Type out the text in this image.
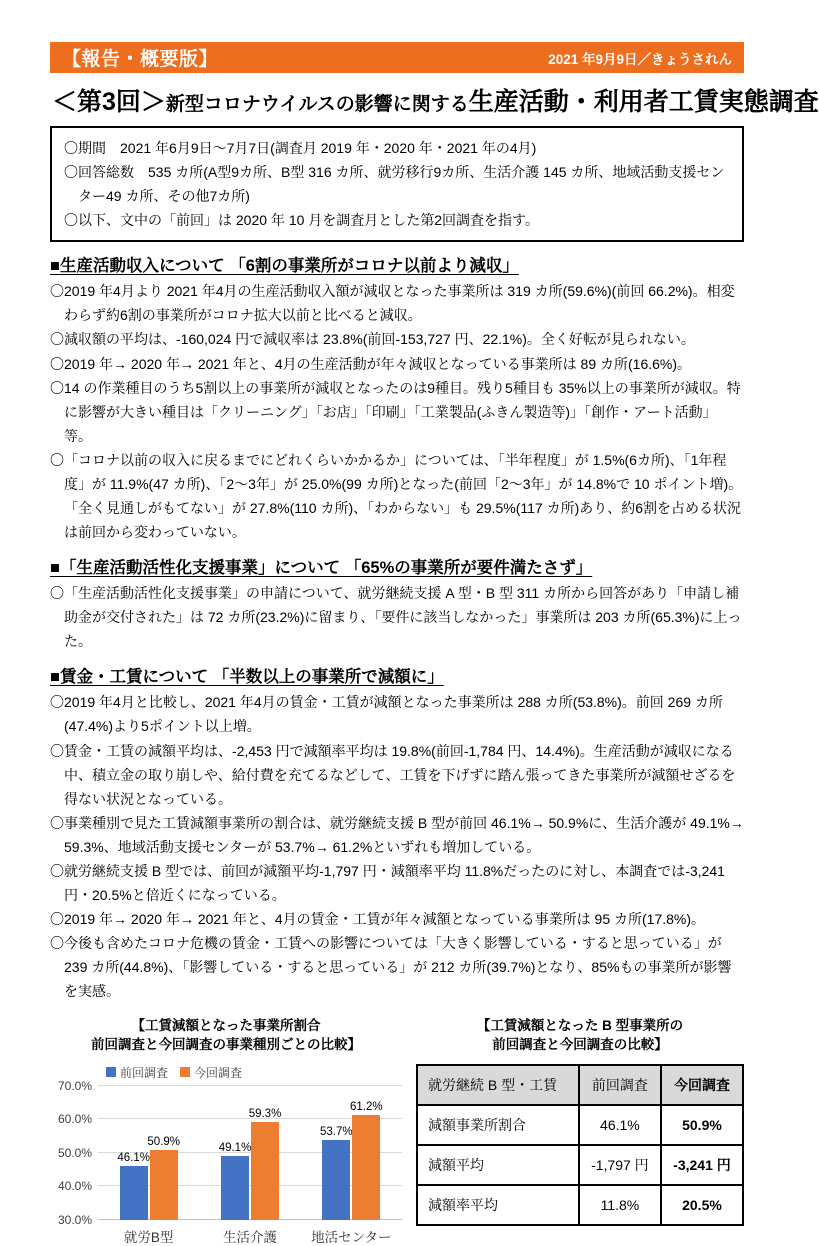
【報告・概要版】	2021 年9月9日／きょうされん
＜第3回＞ 新型コロナウイルスの影響に関する 生産活動・利用者工賃実態調査
〇期間　2021 年6月9日～7月7日(調査月 2019 年・2020 年・2021 年の4月)
〇回答総数　535 カ所(A型9カ所、B型 316 カ所、就労移行9カ所、生活介護 145 カ所、地域活動支援センター49 カ所、その他7カ所)
〇以下、文中の「前回」は 2020 年 10 月を調査月とした第2回調査を指す。
■生産活動収入について 「6割の事業所がコロナ以前より減収」
〇2019 年4月より 2021 年4月の生産活動収入額が減収となった事業所は 319 カ所(59.6%)(前回 66.2%)。相変わらず約6割の事業所がコロナ拡大以前と比べると減収。
〇減収額の平均は、-160,024 円で減収率は 23.8%(前回-153,727 円、22.1%)。全く好転が見られない。
〇2019 年→ 2020 年→ 2021 年と、4月の生産活動が年々減収となっている事業所は 89 カ所(16.6%)。
〇14 の作業種目のうち5割以上の事業所が減収となったのは9種目。残り5種目も 35%以上の事業所が減収。特に影響が大きい種目は「クリーニング」「お店」「印刷」「工業製品(ふきん製造等)」「創作・アート活動」等。
〇「コロナ以前の収入に戻るまでにどれくらいかかるか」については、「半年程度」が 1.5%(6カ所)、「1年程度」が 11.9%(47 カ所)、「2～3年」が 25.0%(99 カ所)となった(前回「2～3年」が 14.8%で 10 ポイント増)。「全く見通しがもてない」が 27.8%(110 カ所)、「わからない」も 29.5%(117 カ所)あり、約6割を占める状況は前回から変わっていない。
■「生産活動活性化支援事業」について 「65%の事業所が要件満たさず」
〇「生産活動活性化支援事業」の申請について、就労継続支援 A 型・B 型 311 カ所から回答があり「申請し補助金が交付された」は 72 カ所(23.2%)に留まり、「要件に該当しなかった」事業所は 203 カ所(65.3%)に上った。
■賃金・工賃について 「半数以上の事業所で減額に」
〇2019 年4月と比較し、2021 年4月の賃金・工賃が減額となった事業所は 288 カ所(53.8%)。前回 269 カ所(47.4%)より5ポイント以上増。
〇賃金・工賃の減額平均は、-2,453 円で減額率平均は 19.8%(前回-1,784 円、14.4%)。生産活動が減収になる中、積立金の取り崩しや、給付費を充てるなどして、工賃を下げずに踏ん張ってきた事業所が減額せざるを得ない状況となっている。
〇事業種別で見た工賃減額事業所の割合は、就労継続支援 B 型が前回 46.1%→ 50.9%に、生活介護が 49.1%→ 59.3%、地域活動支援センターが 53.7%→ 61.2%といずれも増加している。
〇就労継続支援 B 型では、前回が減額平均-1,797 円・減額率平均 11.8%だったのに対し、本調査では-3,241 円・20.5%と倍近くになっている。
〇2019 年→ 2020 年→ 2021 年と、4月の賃金・工賃が年々減額となっている事業所は 95 カ所(17.8%)。
〇今後も含めたコロナ危機の賃金・工賃への影響については「大きく影響している・すると思っている」が 239 カ所(44.8%)、「影響している・すると思っている」が 212 カ所(39.7%)となり、85%もの事業所が影響を実感。
【工賃減額となった事業所割合
前回調査と今回調査の事業種別ごとの比較】
70.0%
60.0%
50.0%
40.0%
30.0%
前回調査 今回調査
46.1%
50.9%
49.1%
59.3%
53.7%
61.2%
就労B型	生活介護	地活センター
【工賃減額となった B 型事業所の
前回調査と今回調査の比較】
就労継続 B 型・工賃	前回調査	今回調査
減額事業所割合	46.1%	50.9%
減額平均	-1,797 円	-3,241 円
減額率平均	11.8%	20.5%
